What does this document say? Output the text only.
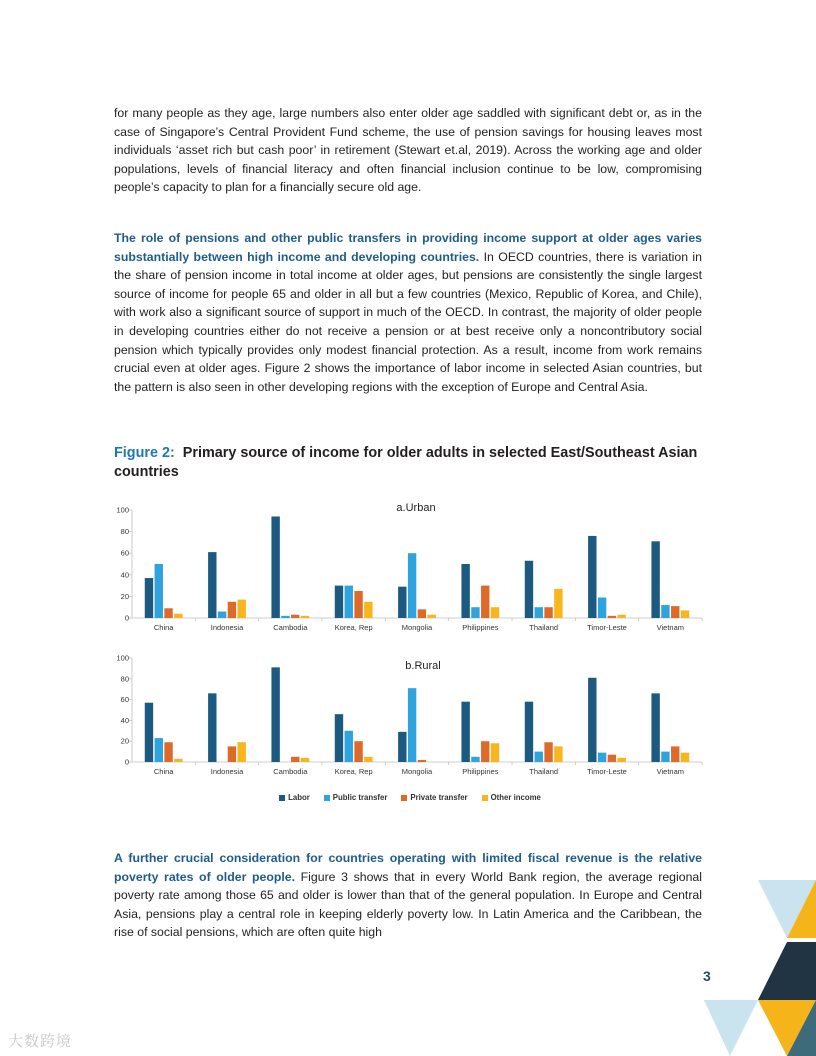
for many people as they age, large numbers also enter older age saddled with significant debt or, as in the case of Singapore’s Central Provident Fund scheme, the use of pension savings for housing leaves most individuals ‘asset rich but cash poor’ in retirement (Stewart et.al, 2019). Across the working age and older populations, levels of financial literacy and often financial inclusion continue to be low, compromising people’s capacity to plan for a financially secure old age.

The role of pensions and other public transfers in providing income support at older ages varies substantially between high income and developing countries. In OECD countries, there is variation in the share of pension income in total income at older ages, but pensions are consistently the single largest source of income for people 65 and older in all but a few countries (Mexico, Republic of Korea, and Chile), with work also a significant source of support in much of the OECD. In contrast, the majority of older people in developing countries either do not receive a pension or at best receive only a noncontributory social pension which typically provides only modest financial protection. As a result, income from work remains crucial even at older ages. Figure 2 shows the importance of labor income in selected Asian countries, but the pattern is also seen in other developing regions with the exception of Europe and Central Asia.

Figure 2: Primary source of income for older adults in selected East/Southeast Asian countries
0
20
40
60
80
100	a.Urban
China	Indonesia	Cambodia	Korea, Rep	Mongolia	Philippines	Thailand	Timor-Leste	Vietnam
0
20
40
60
80
100
b.Rural
China	Indonesia	Cambodia	Korea, Rep	Mongolia	Philippines	Thailand	Timor-Leste	Vietnam
Labor	Public transfer	Private transfer	Other income

A further crucial consideration for countries operating with limited fiscal revenue is the relative poverty rates of older people. Figure 3 shows that in every World Bank region, the average regional poverty rate among those 65 and older is lower than that of the general population. In Europe and Central Asia, pensions play a central role in keeping elderly poverty low. In Latin America and the Caribbean, the rise of social pensions, which are often quite high

3
大数跨境
